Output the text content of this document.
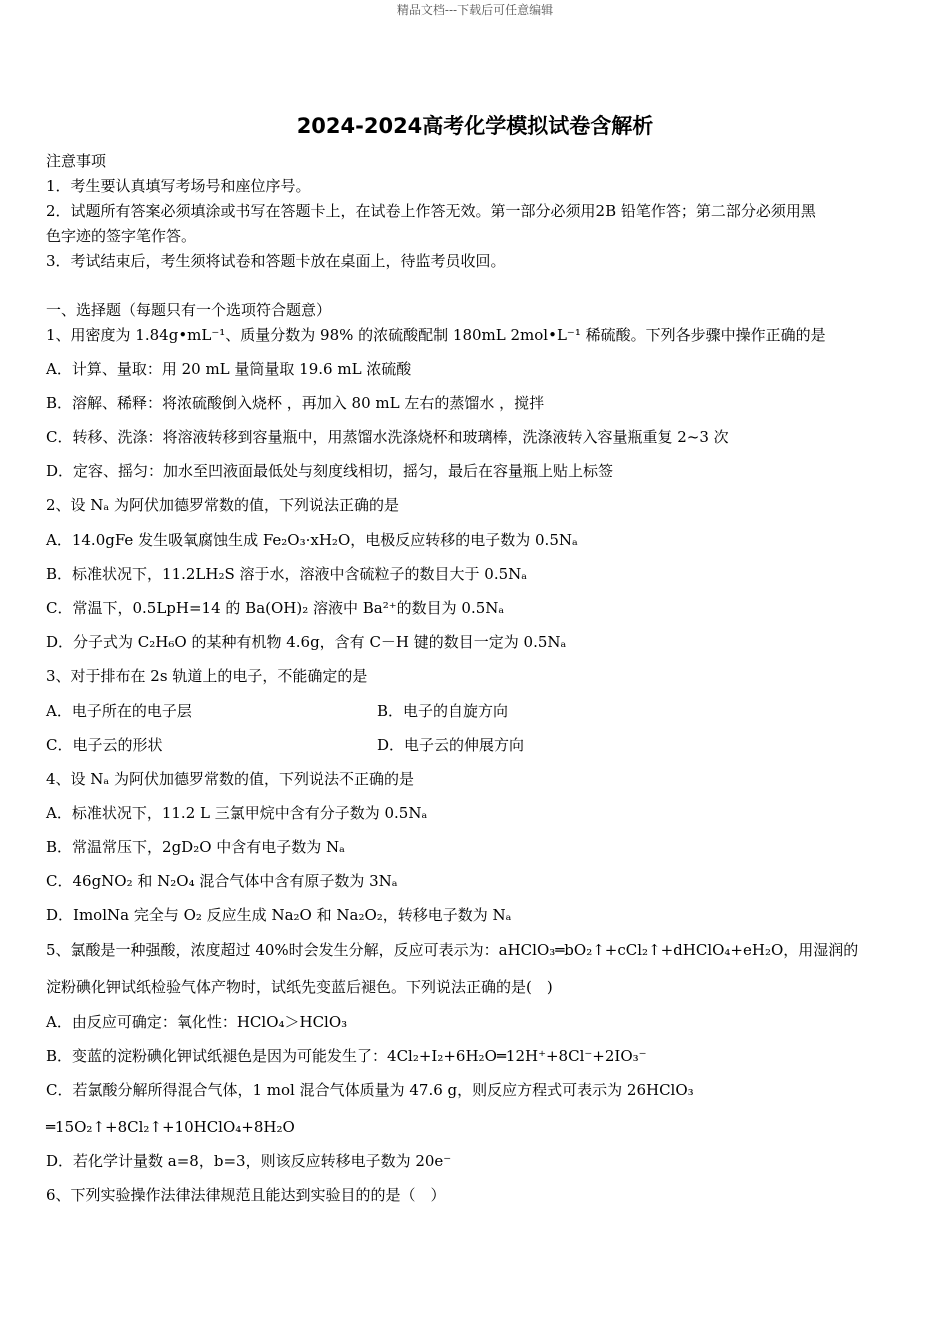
精品文档---下载后可任意编辑
2024-2024高考化学模拟试卷含解析
注意事项
1．考生要认真填写考场号和座位序号。
2．试题所有答案必须填涂或书写在答题卡上，在试卷上作答无效。第一部分必须用2B 铅笔作答；第二部分必须用黑
色字迹的签字笔作答。
3．考试结束后，考生须将试卷和答题卡放在桌面上，待监考员收回。
一、选择题（每题只有一个选项符合题意）
1、用密度为 1.84g•mL⁻¹、质量分数为 98% 的浓硫酸配制 180mL 2mol•L⁻¹ 稀硫酸。下列各步骤中操作正确的是
A．计算、量取：用 20 mL 量筒量取 19.6 mL 浓硫酸
B．溶解、稀释：将浓硫酸倒入烧杯 ，再加入 80 mL 左右的蒸馏水 ，搅拌
C．转移、洗涤：将溶液转移到容量瓶中，用蒸馏水洗涤烧杯和玻璃棒，洗涤液转入容量瓶重复 2~3 次
D．定容、摇匀：加水至凹液面最低处与刻度线相切，摇匀，最后在容量瓶上贴上标签
2、设 Nₐ 为阿伏加德罗常数的值，下列说法正确的是
A．14.0gFe 发生吸氧腐蚀生成 Fe₂O₃·xH₂O，电极反应转移的电子数为 0.5Nₐ
B．标准状况下，11.2LH₂S 溶于水，溶液中含硫粒子的数目大于 0.5Nₐ
C．常温下，0.5LpH=14 的 Ba(OH)₂ 溶液中 Ba²⁺的数目为 0.5Nₐ
D．分子式为 C₂H₆O 的某种有机物 4.6g，含有 C－H 键的数目一定为 0.5Nₐ
3、对于排布在 2s 轨道上的电子，不能确定的是
A．电子所在的电子层	B．电子的自旋方向
C．电子云的形状	D．电子云的伸展方向
4、设 Nₐ 为阿伏加德罗常数的值，下列说法不正确的是
A．标准状况下，11.2 L 三氯甲烷中含有分子数为 0.5Nₐ
B．常温常压下，2gD₂O 中含有电子数为 Nₐ
C．46gNO₂ 和 N₂O₄ 混合气体中含有原子数为 3Nₐ
D．ImolNa 完全与 O₂ 反应生成 Na₂O 和 Na₂O₂，转移电子数为 Nₐ
5、氯酸是一种强酸，浓度超过 40%时会发生分解，反应可表示为：aHClO₃═bO₂↑+cCl₂↑+dHClO₄+eH₂O，用湿润的
淀粉碘化钾试纸检验气体产物时，试纸先变蓝后褪色。下列说法正确的是(　)
A．由反应可确定：氧化性：HClO₄＞HClO₃
B．变蓝的淀粉碘化钾试纸褪色是因为可能发生了：4Cl₂+I₂+6H₂O═12H⁺+8Cl⁻+2IO₃⁻
C．若氯酸分解所得混合气体，1 mol 混合气体质量为 47.6 g，则反应方程式可表示为 26HClO₃
═15O₂↑+8Cl₂↑+10HClO₄+8H₂O
D．若化学计量数 a=8，b=3，则该反应转移电子数为 20e⁻
6、下列实验操作法律法律规范且能达到实验目的的是（　）
